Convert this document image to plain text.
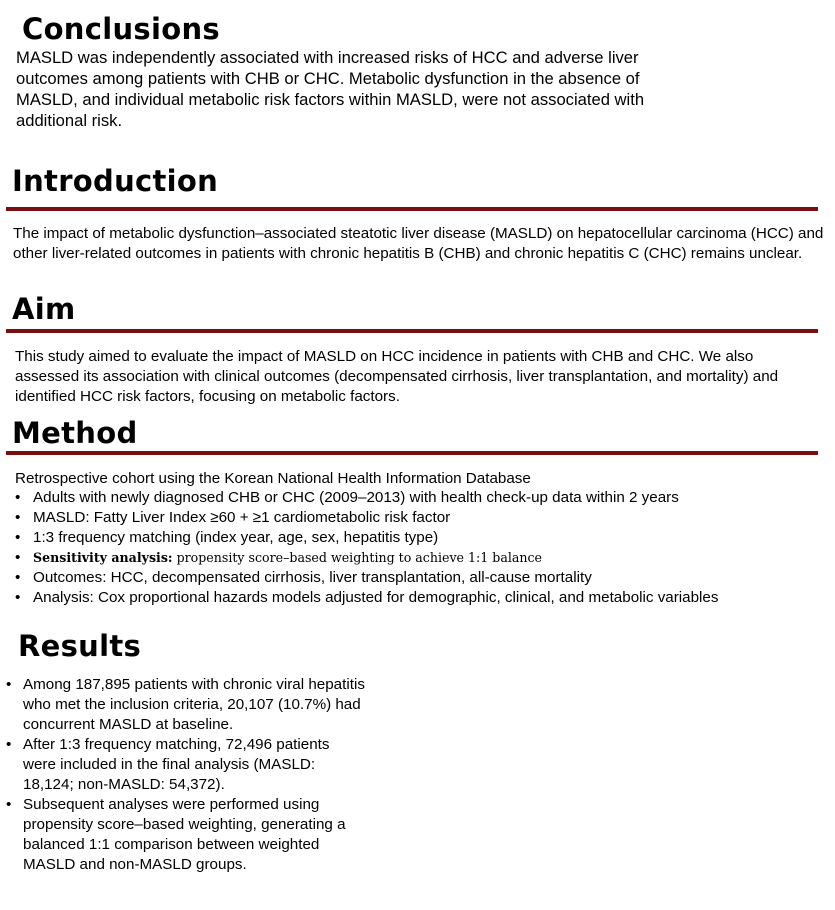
Conclusions

MASLD was independently associated with increased risks of HCC and adverse liver outcomes among patients with CHB or CHC. Metabolic dysfunction in the absence of MASLD, and individual metabolic risk factors within MASLD, were not associated with additional risk.

Introduction

The impact of metabolic dysfunction–associated steatotic liver disease (MASLD) on hepatocellular carcinoma (HCC) and other liver-related outcomes in patients with chronic hepatitis B (CHB) and chronic hepatitis C (CHC) remains unclear.

Aim

This study aimed to evaluate the impact of MASLD on HCC incidence in patients with CHB and CHC. We also assessed its association with clinical outcomes (decompensated cirrhosis, liver transplantation, and mortality) and identified HCC risk factors, focusing on metabolic factors.

Method

Retrospective cohort using the Korean National Health Information Database

• Adults with newly diagnosed CHB or CHC (2009–2013) with health check-up data within 2 years
• MASLD: Fatty Liver Index ≥60 + ≥1 cardiometabolic risk factor
• 1:3 frequency matching (index year, age, sex, hepatitis type)
• Sensitivity analysis: propensity score–based weighting to achieve 1:1 balance
• Outcomes: HCC, decompensated cirrhosis, liver transplantation, all-cause mortality
• Analysis: Cox proportional hazards models adjusted for demographic, clinical, and metabolic variables
Results
• Among 187,895 patients with chronic viral hepatitis who met the inclusion criteria, 20,107 (10.7%) had concurrent MASLD at baseline.
• After 1:3 frequency matching, 72,496 patients were included in the final analysis (MASLD: 18,124; non-MASLD: 54,372).
• Subsequent analyses were performed using propensity score–based weighting, generating a balanced 1:1 comparison between weighted MASLD and non-MASLD groups.
